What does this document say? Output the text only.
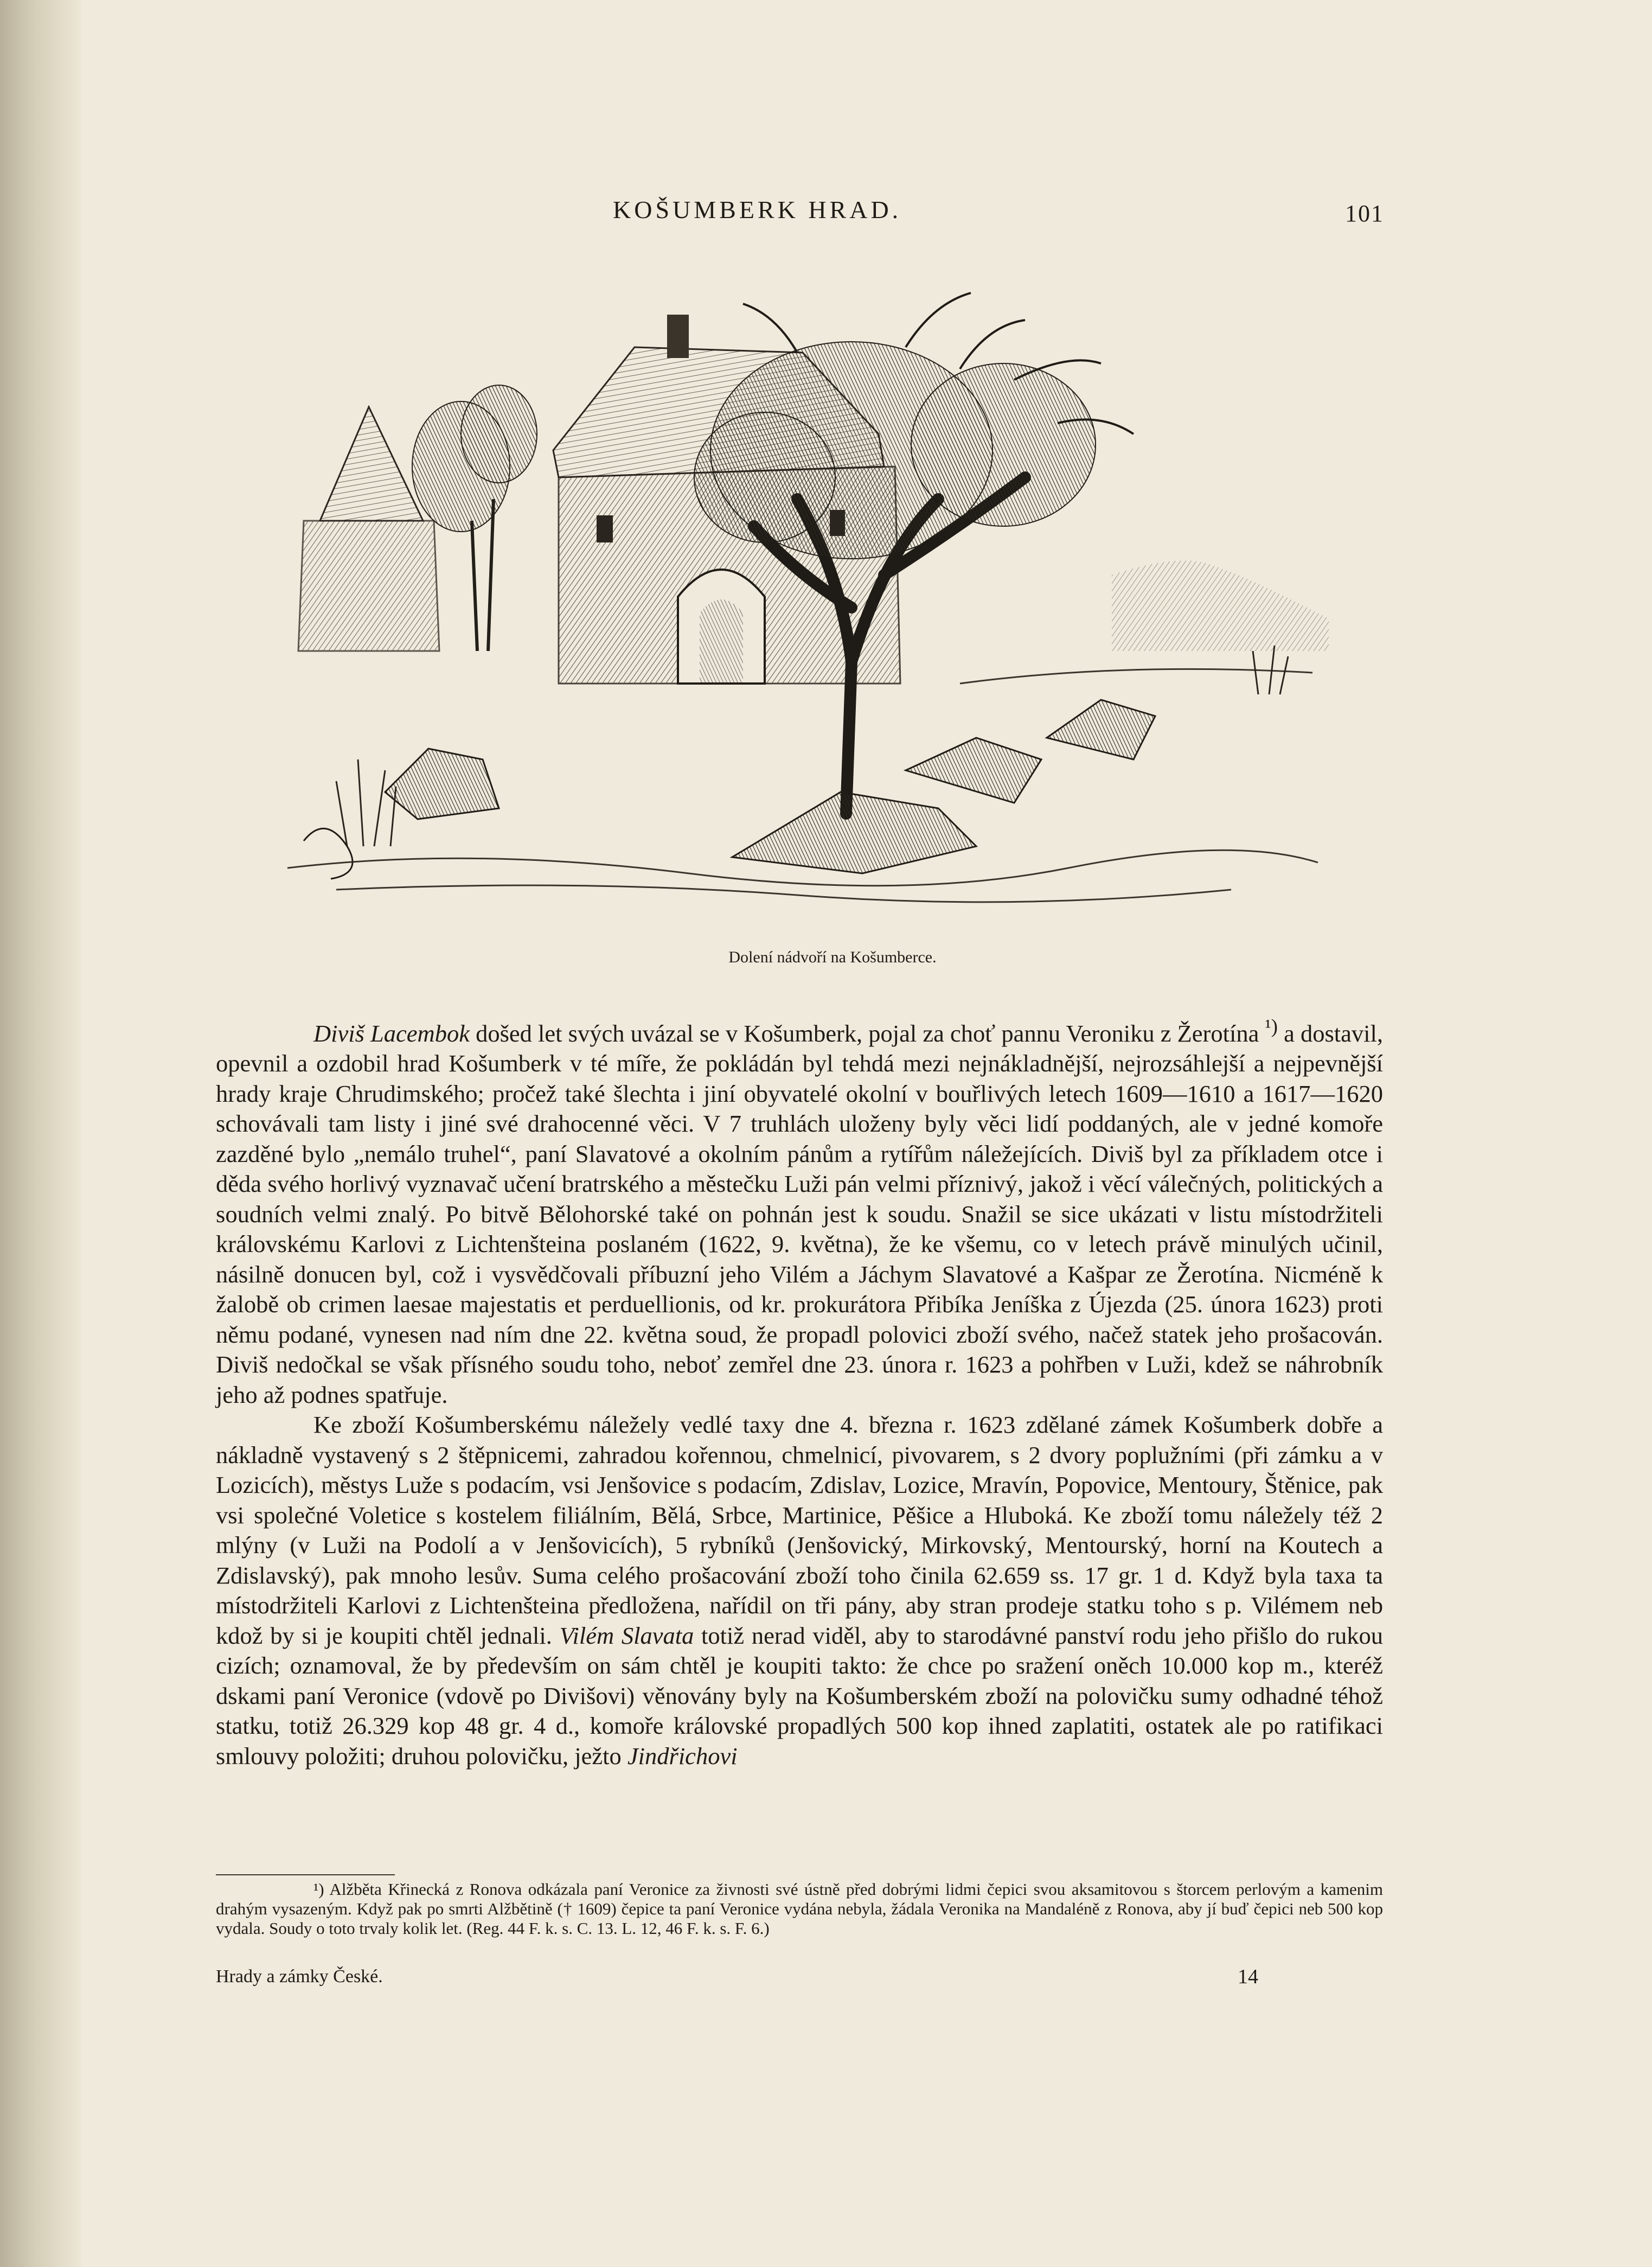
KOŠUMBERK HRAD.	101
Dolení nádvoří na Košumberce.

Diviš Lacembok došed let svých uvázal se v Košumberk, pojal za choť pannu Veroniku z Žerotína $^{^1)}$ a dostavil, opevnil a ozdobil hrad Košumberk v té míře, že pokládán byl tehdá mezi nejnákladnější, nejrozsáhlejší a nejpevnější hrady kraje Chrudimského; pročež také šlechta i jiní obyvatelé okolní v bouřlivých letech 1609—1610 a 1617—1620 schovávali tam listy i jiné své drahocenné věci. V 7 truhlách uloženy byly věci lidí poddaných, ale v jedné komoře zazděné bylo „nemálo truhel“, paní Slavatové a okolním pánům a rytířům náležejících. Diviš byl za příkladem otce i děda svého horlivý vyznavač učení bratrského a městečku Luži pán velmi příznivý, jakož i věcí válečných, politických a soudních velmi znalý. Po bitvě Bělohorské také on pohnán jest k soudu. Snažil se sice ukázati v listu místodržiteli královskému Karlovi z Lichtenšteina poslaném (1622, 9. května), že ke všemu, co v letech právě minulých učinil, násilně donucen byl, což i vysvědčovali příbuzní jeho Vilém a Jáchym Slavatové a Kašpar ze Žerotína. Nicméně k žalobě ob crimen laesae majestatis et perduellionis, od kr. prokurátora Přibíka Jeníška z Újezda (25. února 1623) proti němu podané, vynesen nad ním dne 22. května soud, že propadl polovici zboží svého, načež statek jeho prošacován. Diviš nedočkal se však přísného soudu toho, neboť zemřel dne 23. února r. 1623 a pohřben v Luži, kdež se náhrobník jeho až podnes spatřuje.

Ke zboží Košumberskému náležely vedlé taxy dne 4. března r. 1623 zdělané zámek Košumberk dobře a nákladně vystavený s 2 štěpnicemi, zahradou kořennou, chmelnicí, pivovarem, s 2 dvory poplužními (při zámku a v Lozicích), městys Luže s podacím, vsi Jenšovice s podacím, Zdislav, Lozice, Mravín, Popovice, Mentoury, Štěnice, pak vsi společné Voletice s kostelem filiálním, Bělá, Srbce, Martinice, Pěšice a Hluboká. Ke zboží tomu náležely též 2 mlýny (v Luži na Podolí a v Jenšovicích), 5 rybníků (Jenšovický, Mirkovský, Mentourský, horní na Koutech a Zdislavský), pak mnoho lesův. Suma celého prošacování zboží toho činila 62.659 ss. 17 gr. 1 d. Když byla taxa ta místodržiteli Karlovi z Lichtenšteina předložena, nařídil on tři pány, aby stran prodeje statku toho s p. Vilémem neb kdož by si je koupiti chtěl jednali. Vilém Slavata totiž nerad viděl, aby to starodávné panství rodu jeho přišlo do rukou cizích; oznamoval, že by především on sám chtěl je koupiti takto: že chce po sražení oněch 10.000 kop m., kteréž dskami paní Veronice (vdově po Divišovi) věnovány byly na Košumberském zboží na polovičku sumy odhadné téhož statku, totiž 26.329 kop 48 gr. 4 d., komoře královské propadlých 500 kop ihned zaplatiti, ostatek ale po ratifikaci smlouvy položiti; druhou polovičku, ježto Jindřichovi

¹) Alžběta Křinecká z Ronova odkázala paní Veronice za živnosti své ústně před dobrými lidmi čepici svou aksamitovou s štorcem perlovým a kamenim drahým vysazeným. Když pak po smrti Alžbětině († 1609) čepice ta paní Veronice vydána nebyla, žádala Veronika na Mandaléně z Ronova, aby jí buď čepici neb 500 kop vydala. Soudy o toto trvaly kolik let. (Reg. 44 F. k. s. C. 13. L. 12, 46 F. k. s. F. 6.)
Hrady a zámky České.	14
